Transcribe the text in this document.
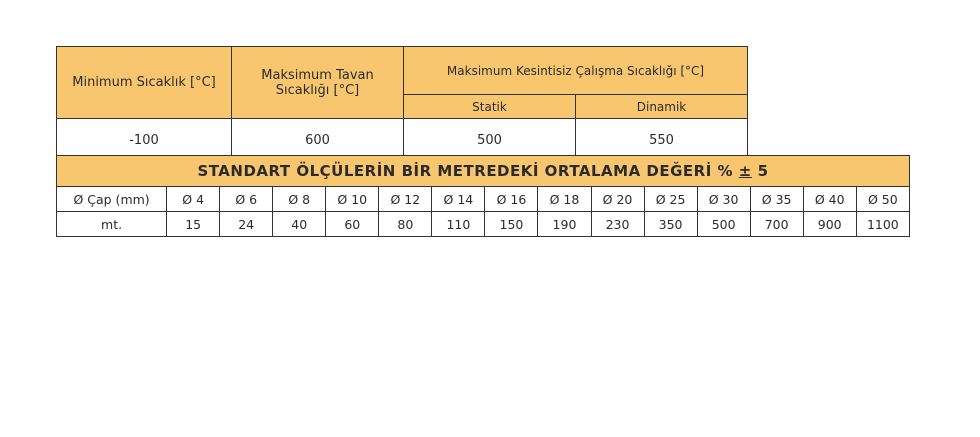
Minimum Sıcaklık [°C]	Maksimum Tavan Sıcaklığı [°C]	Maksimum Kesintisiz Çalışma Sıcaklığı [°C]	
		Statik	Dinamik
-100	600	500	550
STANDART ÖLÇÜLERİN BİR METREDEKİ ORTALAMA DEĞERİ % ± 5														
Ø Çap (mm)	Ø 4	Ø 6	Ø 8	Ø 10	Ø 12	Ø 14	Ø 16	Ø 18	Ø 20	Ø 25	Ø 30	Ø 35	Ø 40	Ø 50
mt.	15	24	40	60	80	110	150	190	230	350	500	700	900	1100
